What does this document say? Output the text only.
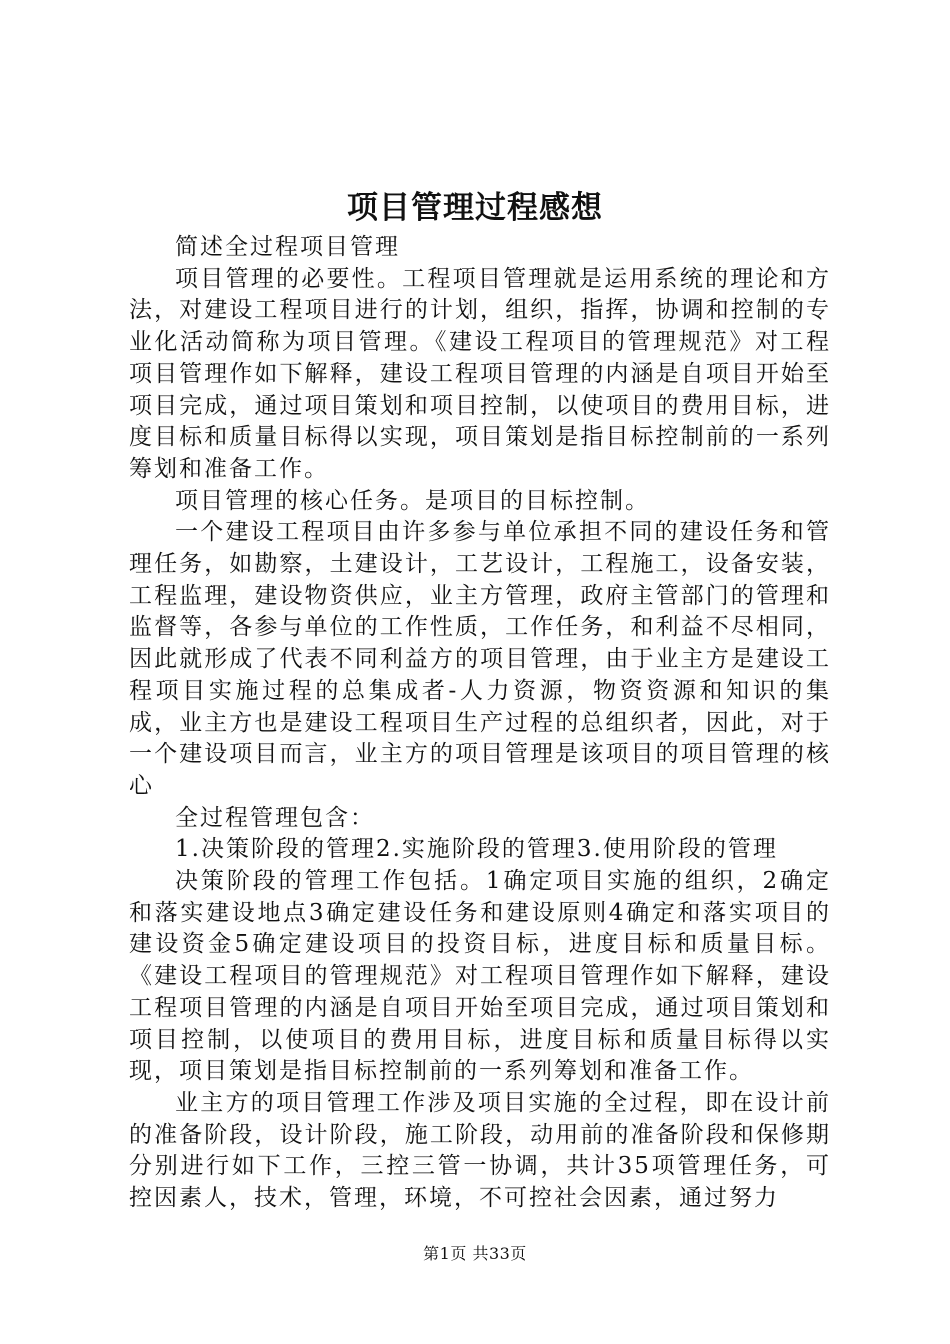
项目管理过程感想

简述全过程项目管理

项目管理的必要性。工程项目管理就是运用系统的理论和方法，对建设工程项目进行的计划，组织，指挥，协调和控制的专业化活动简称为项目管理。《建设工程项目的管理规范》对工程项目管理作如下解释，建设工程项目管理的内涵是自项目开始至项目完成，通过项目策划和项目控制，以使项目的费用目标，进度目标和质量目标得以实现，项目策划是指目标控制前的一系列筹划和准备工作。

项目管理的核心任务。是项目的目标控制。

一个建设工程项目由许多参与单位承担不同的建设任务和管理任务，如勘察，土建设计，工艺设计，工程施工，设备安装，工程监理，建设物资供应，业主方管理，政府主管部门的管理和监督等，各参与单位的工作性质，工作任务，和利益不尽相同，因此就形成了代表不同利益方的项目管理，由于业主方是建设工程项目实施过程的总集成者-人力资源，物资资源和知识的集成，业主方也是建设工程项目生产过程的总组织者，因此，对于一个建设项目而言，业主方的项目管理是该项目的项目管理的核心

全过程管理包含：

1.决策阶段的管理2.实施阶段的管理3.使用阶段的管理

决策阶段的管理工作包括。1确定项目实施的组织，2确定和落实建设地点3确定建设任务和建设原则4确定和落实项目的建设资金5确定建设项目的投资目标，进度目标和质量目标。《建设工程项目的管理规范》对工程项目管理作如下解释，建设工程项目管理的内涵是自项目开始至项目完成，通过项目策划和项目控制，以使项目的费用目标，进度目标和质量目标得以实现，项目策划是指目标控制前的一系列筹划和准备工作。

业主方的项目管理工作涉及项目实施的全过程，即在设计前的准备阶段，设计阶段，施工阶段，动用前的准备阶段和保修期分别进行如下工作，三控三管一协调，共计35项管理任务，可控因素人，技术，管理，环境，不可控社会因素，通过努力

第1页 共33页
